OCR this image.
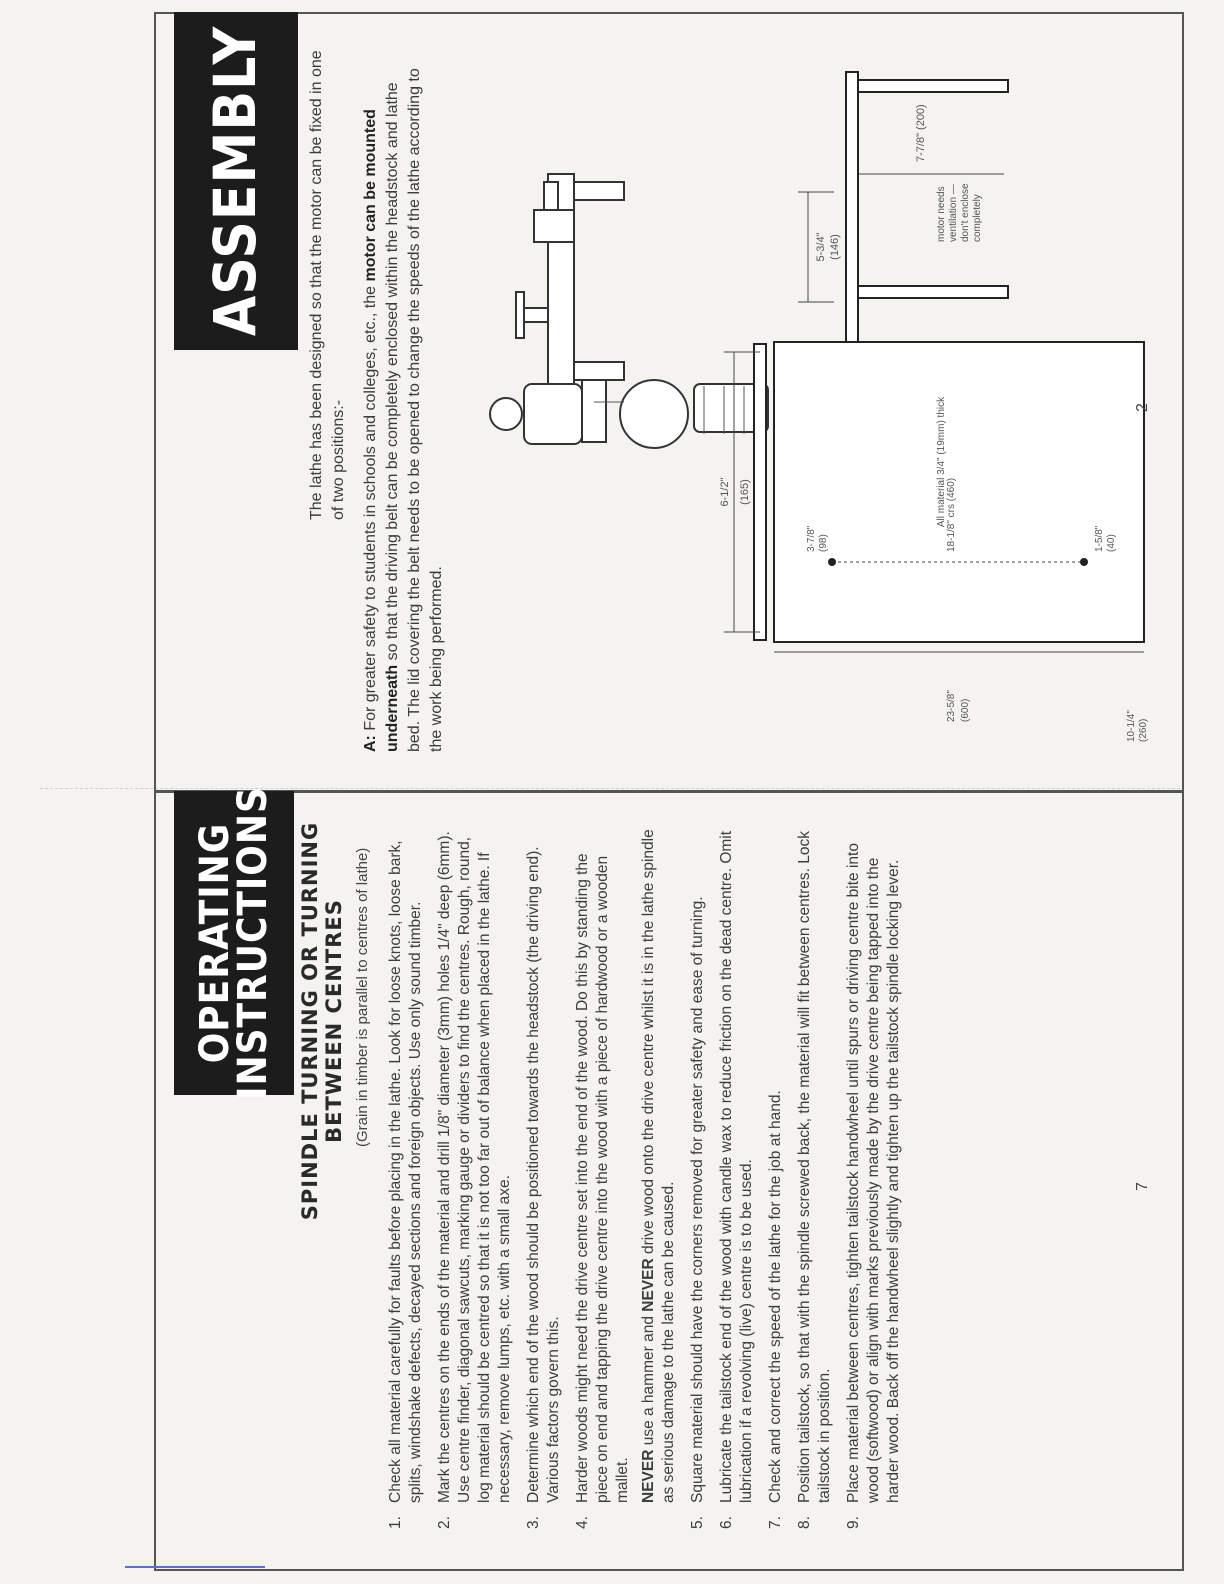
ASSEMBLY The lathe has been designed so that the motor can be fixed in one of two positions:-
A: For greater safety to students in schools and colleges, etc., the motor can be mounted underneath so that the driving belt can be completely enclosed within the headstock and lathe bed. The lid covering the belt needs to be opened to change the speeds of the lathe according to the work being performed.
5-3/4" (146)
7-7/8" (200)
motor needs ventilation — don't enclose completely
6-1/2" (165)
3-7/8" (98)	18-1/8" crs (460)
23-5/8" (600)
1-5/8" (40)
10-1/4" (260)
All material 3/4" (19mm) thick	2
OPERATING
INSTRUCTIONS SPINDLE TURNING OR TURNING BETWEEN CENTRES (Grain in timber is parallel to centres of lathe)
1.

Check all material carefully for faults before placing in the lathe. Look for loose knots, loose bark, splits, windshake defects, decayed sections and foreign objects. Use only sound timber.

2.

Mark the centres on the ends of the material and drill 1/8" diameter (3mm) holes 1/4" deep (6mm). Use centre finder, diagonal sawcuts, marking gauge or dividers to find the centres. Rough, round, log material should be centred so that it is not too far out of balance when placed in the lathe. If necessary, remove lumps, etc. with a small axe.

3.

Determine which end of the wood should be positioned towards the headstock (the driving end). Various factors govern this.

4.

Harder woods might need the drive centre set into the end of the wood. Do this by standing the piece on end and tapping the drive centre into the wood with a piece of hardwood or a wooden mallet. NEVER use a hammer and NEVER drive wood onto the drive centre whilst it is in the lathe spindle as serious damage to the lathe can be caused.

5.

Square material should have the corners removed for greater safety and ease of turning.

6.

Lubricate the tailstock end of the wood with candle wax to reduce friction on the dead centre. Omit lubrication if a revolving (live) centre is to be used.

7.

Check and correct the speed of the lathe for the job at hand.

8.

Position tailstock, so that with the spindle screwed back, the material will fit between centres. Lock tailstock in position.

9.

Place material between centres, tighten tailstock handwheel until spurs or driving centre bite into wood (softwood) or align with marks previously made by the drive centre being tapped into the harder wood. Back off the handwheel slightly and tighten up the tailstock spindle locking lever.	7
